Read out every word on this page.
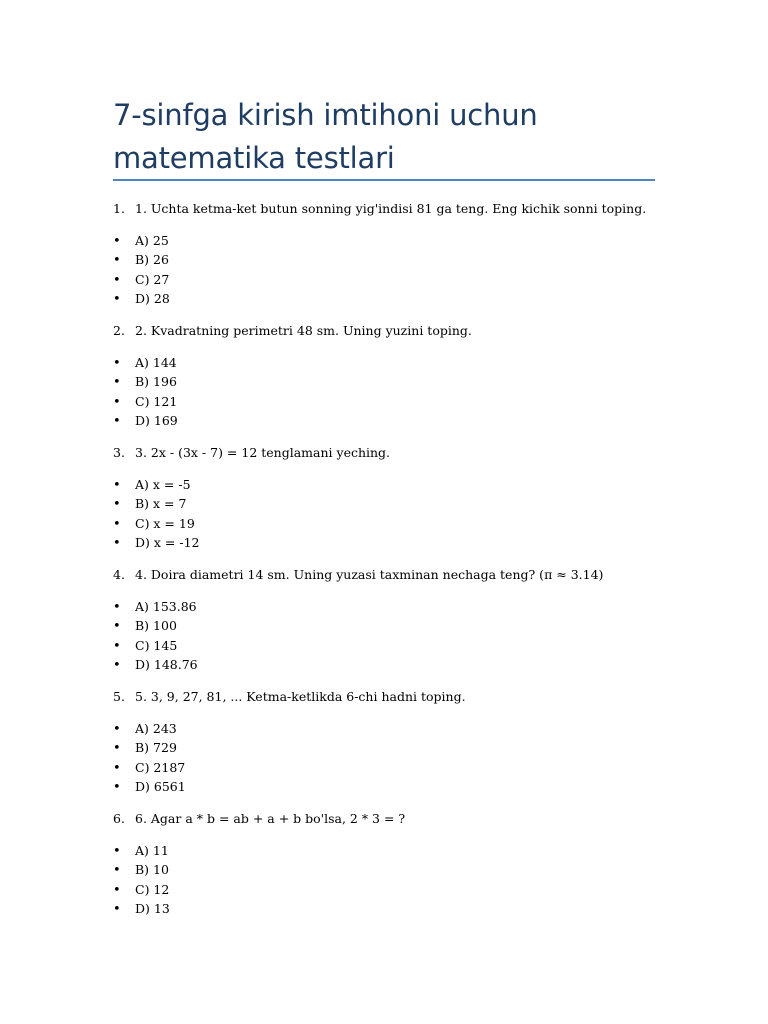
7-sinfga kirish imtihoni uchun matematika testlari
1. 1. Uchta ketma-ket butun sonning yig'indisi 81 ga teng. Eng kichik sonni toping.
• A) 25
• B) 26
• C) 27
• D) 28
2. 2. Kvadratning perimetri 48 sm. Uning yuzini toping.
• A) 144
• B) 196
• C) 121
• D) 169
3. 3. 2x - (3x - 7) = 12 tenglamani yeching.
• A) x = -5
• B) x = 7
• C) x = 19
• D) x = -12
4. 4. Doira diametri 14 sm. Uning yuzasi taxminan nechaga teng? (π ≈ 3.14)
• A) 153.86
• B) 100
• C) 145
• D) 148.76
5. 5. 3, 9, 27, 81, ... Ketma-ketlikda 6-chi hadni toping.
• A) 243
• B) 729
• C) 2187
• D) 6561
6. 6. Agar a * b = ab + a + b bo'lsa, 2 * 3 = ?
• A) 11
• B) 10
• C) 12
• D) 13
